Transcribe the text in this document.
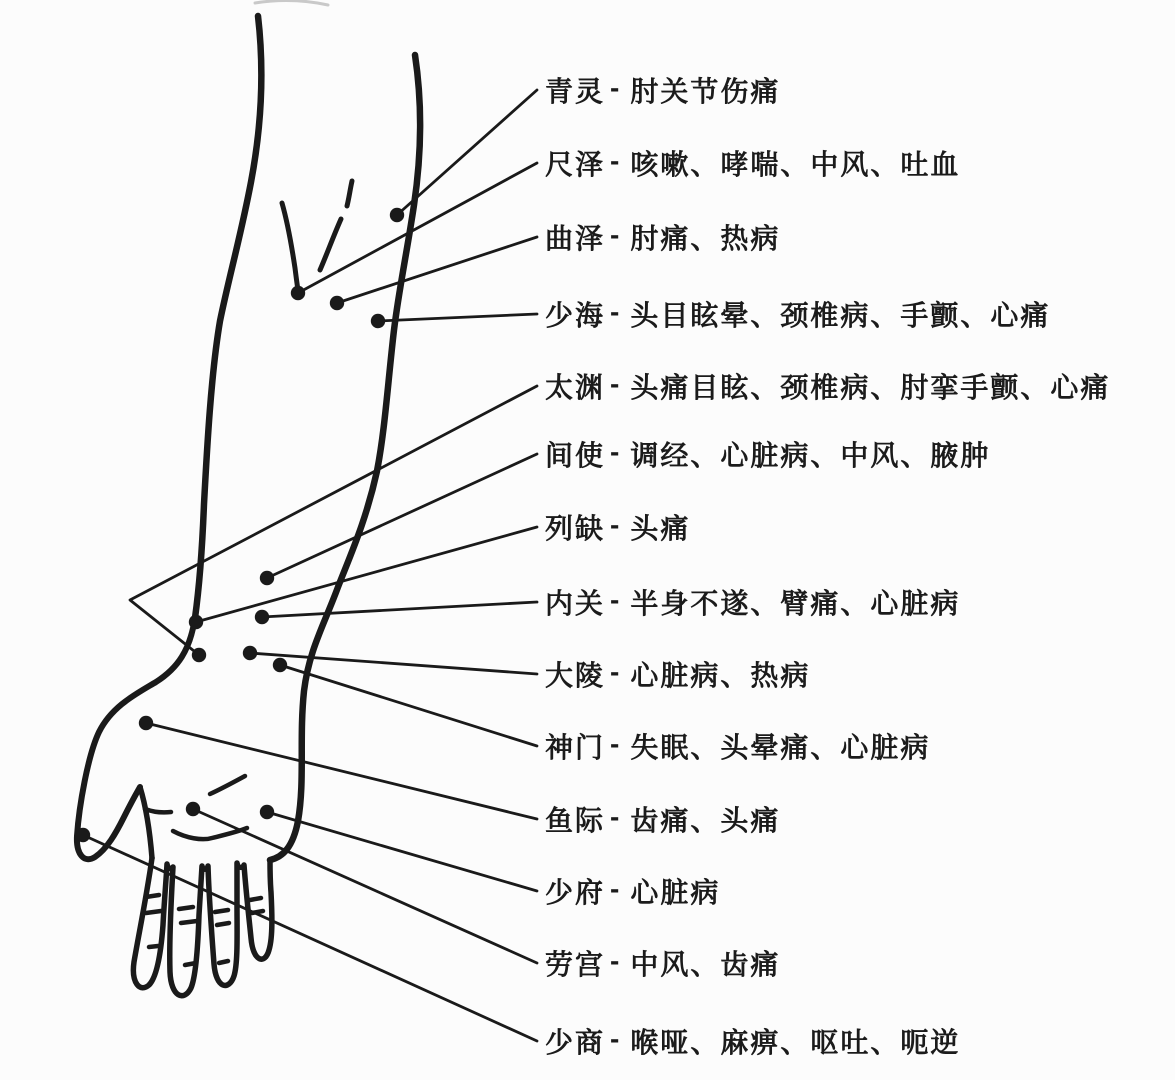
青灵 - 肘关节伤痛
尺泽 - 咳嗽、哮喘、中风、吐血
曲泽 - 肘痛、热病
少海 - 头目眩晕、颈椎病、手颤、心痛
太渊 - 头痛目眩、颈椎病、肘挛手颤、心痛
间使 - 调经、心脏病、中风、腋肿
列缺 - 头痛
内关 - 半身不遂、臂痛、心脏病
大陵 - 心脏病、热病
神门 - 失眠、头晕痛、心脏病
鱼际 - 齿痛、头痛
少府 - 心脏病
劳宫 - 中风、齿痛
少商 - 喉哑、麻痹、呕吐、呃逆
